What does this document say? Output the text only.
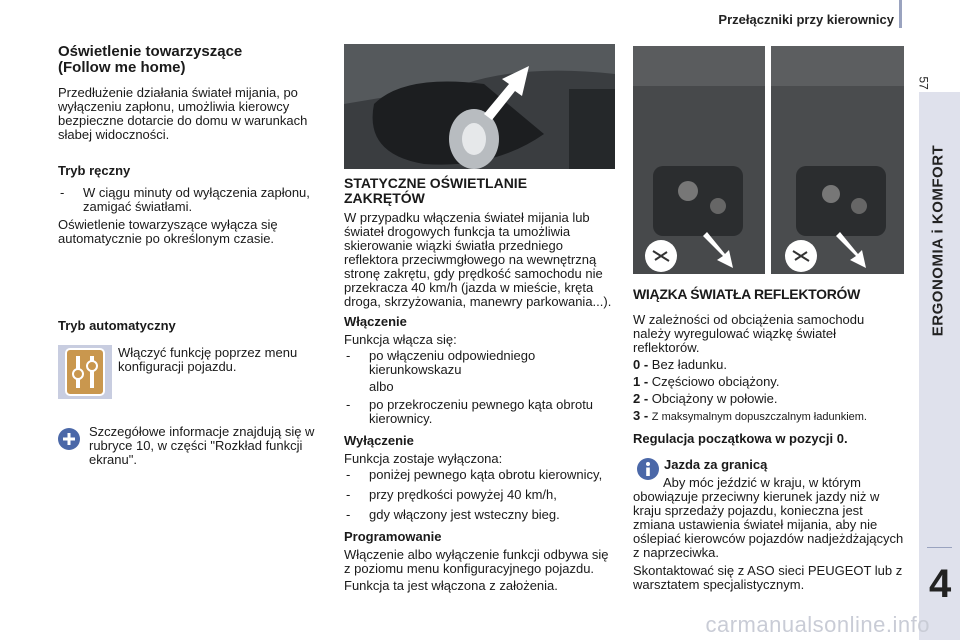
Przełączniki przy kierownicy
57
ERGONOMIA i KOMFORT
4

Oświetlenie towarzyszące

(Follow me home)

Przedłużenie działania świateł mijania, po wyłączeniu zapłonu, umożliwia kierowcy bezpieczne dotarcie do domu w warunkach słabej widoczności.

Tryb ręczny

- W ciągu minuty od wyłączenia zapłonu, zamigać światłami.

Oświetlenie towarzyszące wyłącza się automatycznie po określonym czasie.

Tryb automatyczny

Włączyć funkcję poprzez menu konfiguracji pojazdu.

Szczegółowe informacje znajdują się w rubryce 10, w części "Rozkład funkcji ekranu".

STATYCZNE OŚWIETLANIE

ZAKRĘTÓW

W przypadku włączenia świateł mijania lub świateł drogowych funkcja ta umożliwia skierowanie wiązki światła przedniego reflektora przeciwmgłowego na wewnętrzną stronę zakrętu, gdy prędkość samochodu nie przekracza 40 km/h (jazda w mieście, kręta droga, skrzyżowania, manewry parkowania...).

Włączenie

Funkcja włącza się:

- po włączeniu odpowiedniego kierunkowskazu

albo

- po przekroczeniu pewnego kąta obrotu kierownicy.

Wyłączenie

Funkcja zostaje wyłączona:

- poniżej pewnego kąta obrotu kierownicy,

- przy prędkości powyżej 40 km/h,

- gdy włączony jest wsteczny bieg.

Programowanie

Włączenie albo wyłączenie funkcji odbywa się z poziomu menu konfiguracyjnego pojazdu.

Funkcja ta jest włączona z założenia.

WIĄZKA ŚWIATŁA REFLEKTORÓW

W zależności od obciążenia samochodu należy wyregulować wiązkę świateł reflektorów.

0 - Bez ładunku.

1 - Częściowo obciążony.

2 - Obciążony w połowie.

3 - Z maksymalnym dopuszczalnym ładunkiem.

Regulacja początkowa w pozycji 0.

Jazda za granicą

Aby móc jeździć w kraju, w którym obowiązuje przeciwny kierunek jazdy niż w kraju sprzedaży pojazdu, konieczna jest zmiana ustawienia świateł mijania, aby nie oślepiać kierowców pojazdów nadjeżdżających z naprzeciwka.

Skontaktować się z ASO sieci PEUGEOT lub z warsztatem specjalistycznym.

carmanualsonline.info
